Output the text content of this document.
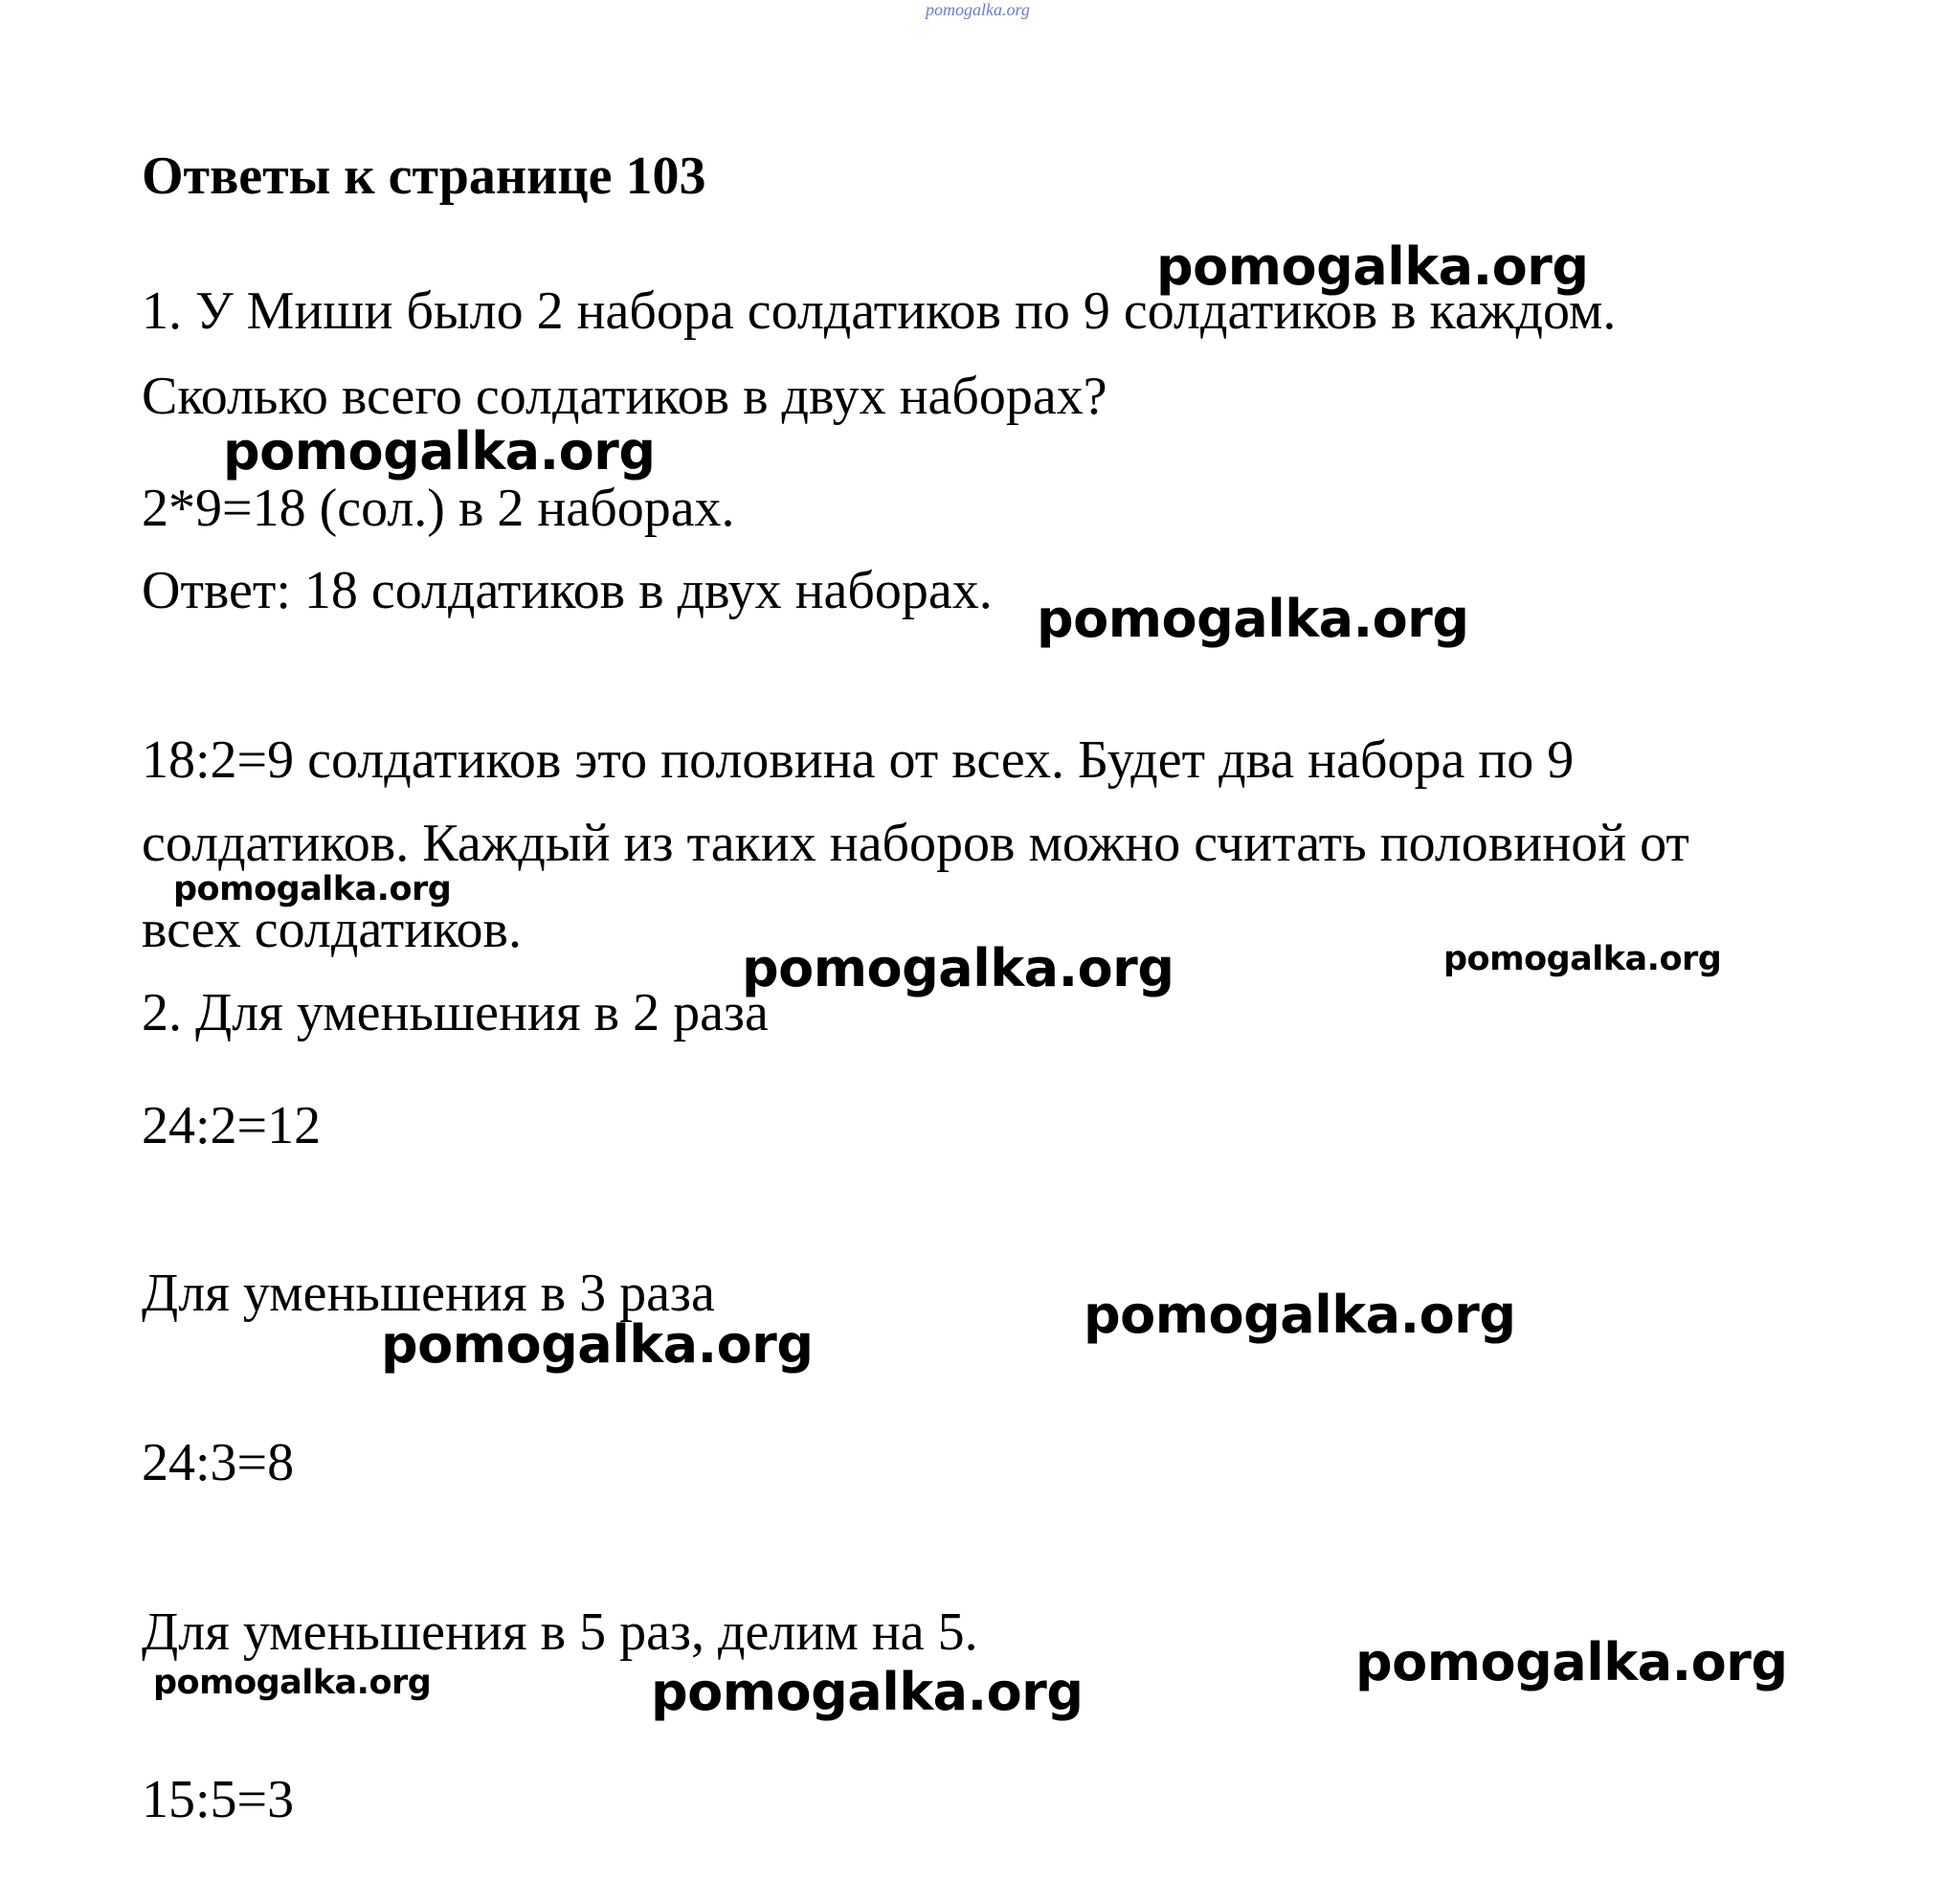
pomogalka.org
Ответы к странице 103
1. У Миши было 2 набора солдатиков по 9 солдатиков в каждом.
Сколько всего солдатиков в двух наборах?
2*9=18 (сол.) в 2 наборах.
Ответ: 18 солдатиков в двух наборах.
18:2=9 солдатиков это половина от всех. Будет два набора по 9
солдатиков. Каждый из таких наборов можно считать половиной от
всех солдатиков.
2. Для уменьшения в 2 раза
24:2=12
Для уменьшения в 3 раза
24:3=8
Для уменьшения в 5 раз, делим на 5.
15:5=3
pomogalka.org
pomogalka.org
pomogalka.org
pomogalka.org
pomogalka.org	pomogalka.org
pomogalka.org
pomogalka.org
pomogalka.org
pomogalka.org	pomogalka.org
